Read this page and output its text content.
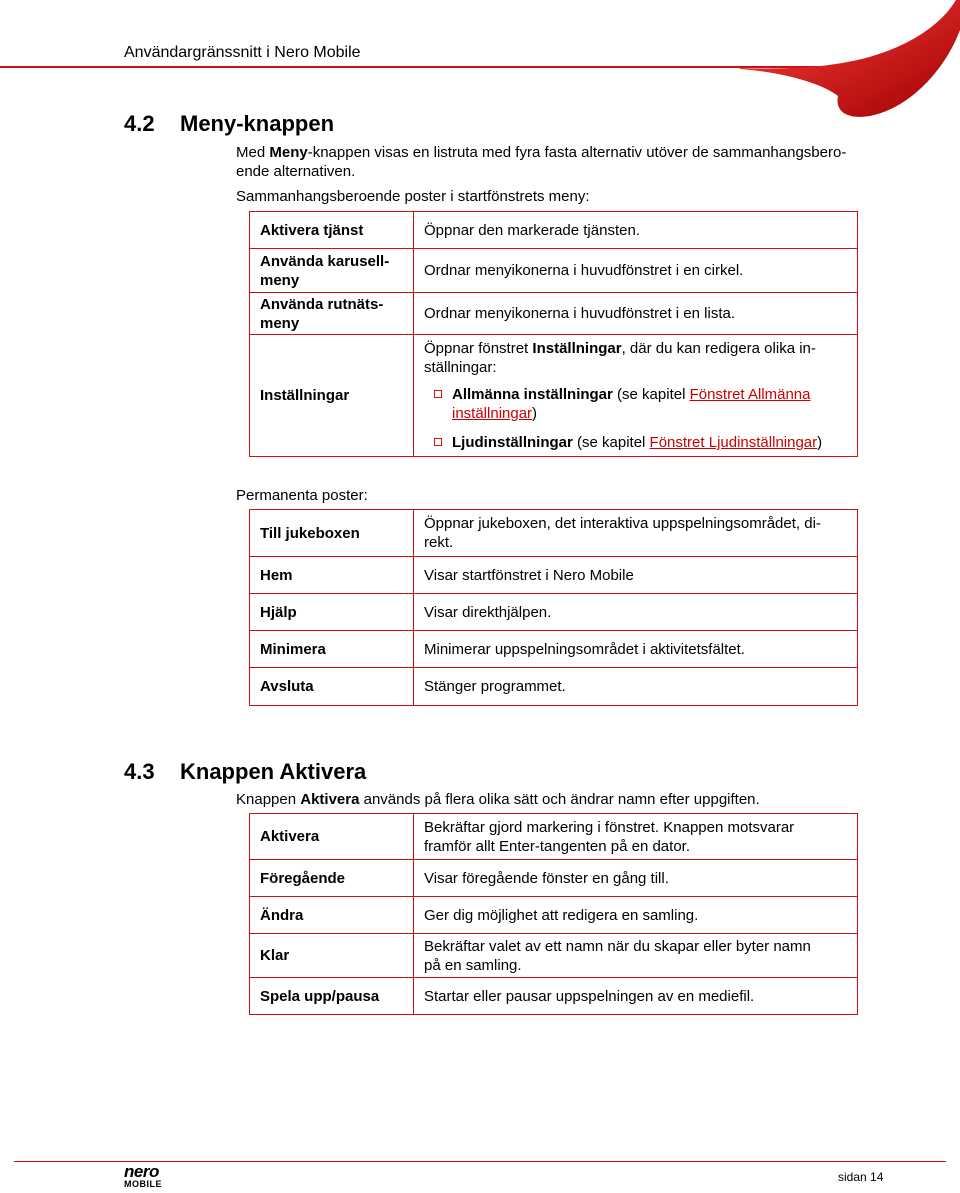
Användargränssnitt i Nero Mobile
4.2 Meny-knappen
Med Meny-knappen visas en listruta med fyra fasta alternativ utöver de sammanhangsbero-
ende alternativen.
Sammanhangsberoende poster i startfönstrets meny:
Aktivera tjänst	Öppnar den markerade tjänsten.
Använda karusell-
meny	Ordnar menyikonerna i huvudfönstret i en cirkel.
Använda rutnäts-
meny	Ordnar menyikonerna i huvudfönstret i en lista.
Inställningar	Öppnar fönstret Inställningar, där du kan redigera olika in-
ställningar:
Allmänna inställningar (se kapitel Fönstret Allmänna
inställningar)
Ljudinställningar (se kapitel Fönstret Ljudinställningar)
Permanenta poster:
Till jukeboxen	Öppnar jukeboxen, det interaktiva uppspelningsområdet, di-
rekt.
Hem	Visar startfönstret i Nero Mobile
Hjälp	Visar direkthjälpen.
Minimera	Minimerar uppspelningsområdet i aktivitetsfältet.
Avsluta	Stänger programmet.
4.3 Knappen Aktivera
Knappen Aktivera används på flera olika sätt och ändrar namn efter uppgiften.
Aktivera	Bekräftar gjord markering i fönstret. Knappen motsvarar
framför allt Enter-tangenten på en dator.
Föregående	Visar föregående fönster en gång till.
Ändra	Ger dig möjlighet att redigera en samling.
Klar	Bekräftar valet av ett namn när du skapar eller byter namn
på en samling.
Spela upp/pausa	Startar eller pausar uppspelningen av en mediefil.
nero
MOBILE	sidan 14
